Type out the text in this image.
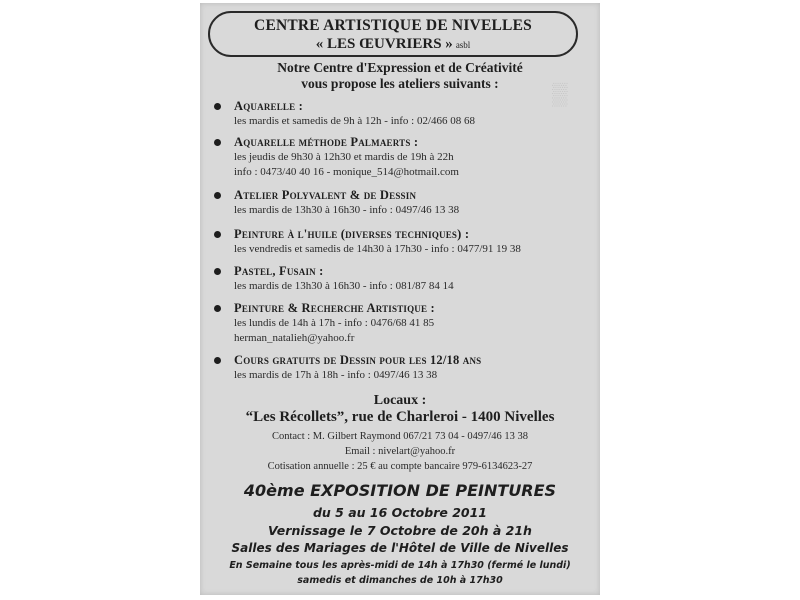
▒
CENTRE ARTISTIQUE DE NIVELLES
« LES ŒUVRIERS » asbl
Notre Centre d'Expression et de Créativité
vous propose les ateliers suivants :
Aquarelle :
les mardis et samedis de 9h à 12h - info : 02/466 08 68
Aquarelle méthode Palmaerts :
les jeudis de 9h30 à 12h30 et mardis de 19h à 22h
info : 0473/40 40 16 - monique_514@hotmail.com
Atelier Polyvalent & de Dessin
les mardis de 13h30 à 16h30 - info : 0497/46 13 38
Peinture à l'huile (diverses techniques) :
les vendredis et samedis de 14h30 à 17h30 - info : 0477/91 19 38
Pastel, Fusain :
les mardis de 13h30 à 16h30 - info : 081/87 84 14
Peinture & Recherche Artistique :
les lundis de 14h à 17h - info : 0476/68 41 85
herman_natalieh@yahoo.fr
Cours gratuits de Dessin pour les 12/18 ans
les mardis de 17h à 18h - info : 0497/46 13 38
Locaux :
“Les Récollets”, rue de Charleroi - 1400 Nivelles
Contact : M. Gilbert Raymond 067/21 73 04 - 0497/46 13 38
Email : nivelart@yahoo.fr
Cotisation annuelle : 25 € au compte bancaire 979-6134623-27
40ème EXPOSITION DE PEINTURES
du 5 au 16 Octobre 2011
Vernissage le 7 Octobre de 20h à 21h
Salles des Mariages de l'Hôtel de Ville de Nivelles
En Semaine tous les après-midi de 14h à 17h30 (fermé le lundi)
samedis et dimanches de 10h à 17h30
